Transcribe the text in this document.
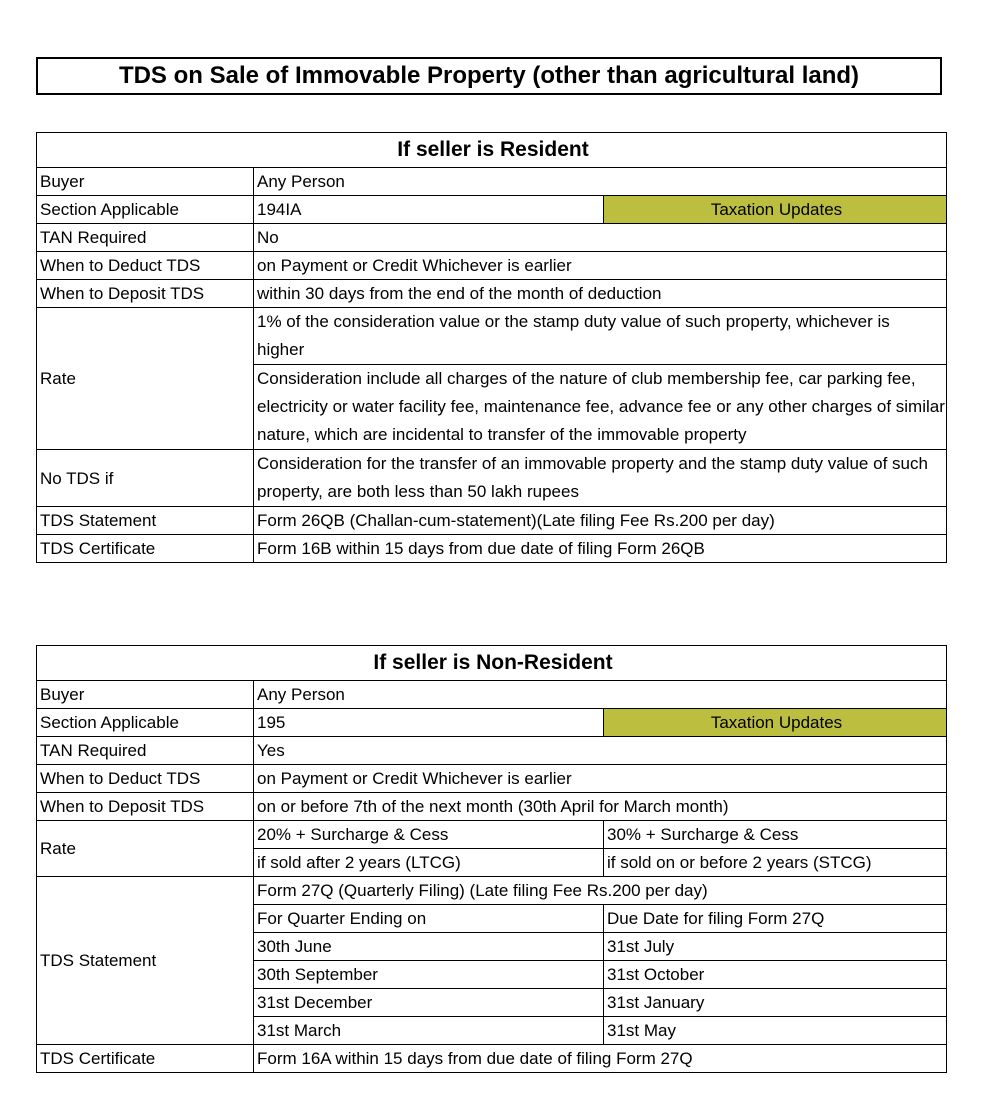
TDS on Sale of Immovable Property (other than agricultural land)
If seller is Resident		
Buyer	Any Person	
Section Applicable	194IA	Taxation Updates
TAN Required	No	
When to Deduct TDS	on Payment or Credit Whichever is earlier	
When to Deposit TDS	within 30 days from the end of the month of deduction	
Rate	1% of the consideration value or the stamp duty value of such property, whichever is higher	
	Consideration include all charges of the nature of club membership fee, car parking fee, electricity or water facility fee, maintenance fee, advance fee or any other charges of similar nature, which are incidental to transfer of the immovable property	
No TDS if	Consideration for the transfer of an immovable property and the stamp duty value of such property, are both less than 50 lakh rupees	
TDS Statement	Form 26QB (Challan-cum-statement)(Late filing Fee Rs.200 per day)	
TDS Certificate	Form 16B within 15 days from due date of filing Form 26QB	
If seller is Non-Resident		
Buyer	Any Person	
Section Applicable	195	Taxation Updates
TAN Required	Yes	
When to Deduct TDS	on Payment or Credit Whichever is earlier	
When to Deposit TDS	on or before 7th of the next month (30th April for March month)	
Rate	20% + Surcharge & Cess	30% + Surcharge & Cess
	if sold after 2 years (LTCG)	if sold on or before 2 years (STCG)
TDS Statement	Form 27Q (Quarterly Filing) (Late filing Fee Rs.200 per day)	
	For Quarter Ending on	Due Date for filing Form 27Q
	30th June	31st July
	30th September	31st October
	31st December	31st January
	31st March	31st May
TDS Certificate	Form 16A within 15 days from due date of filing Form 27Q	
